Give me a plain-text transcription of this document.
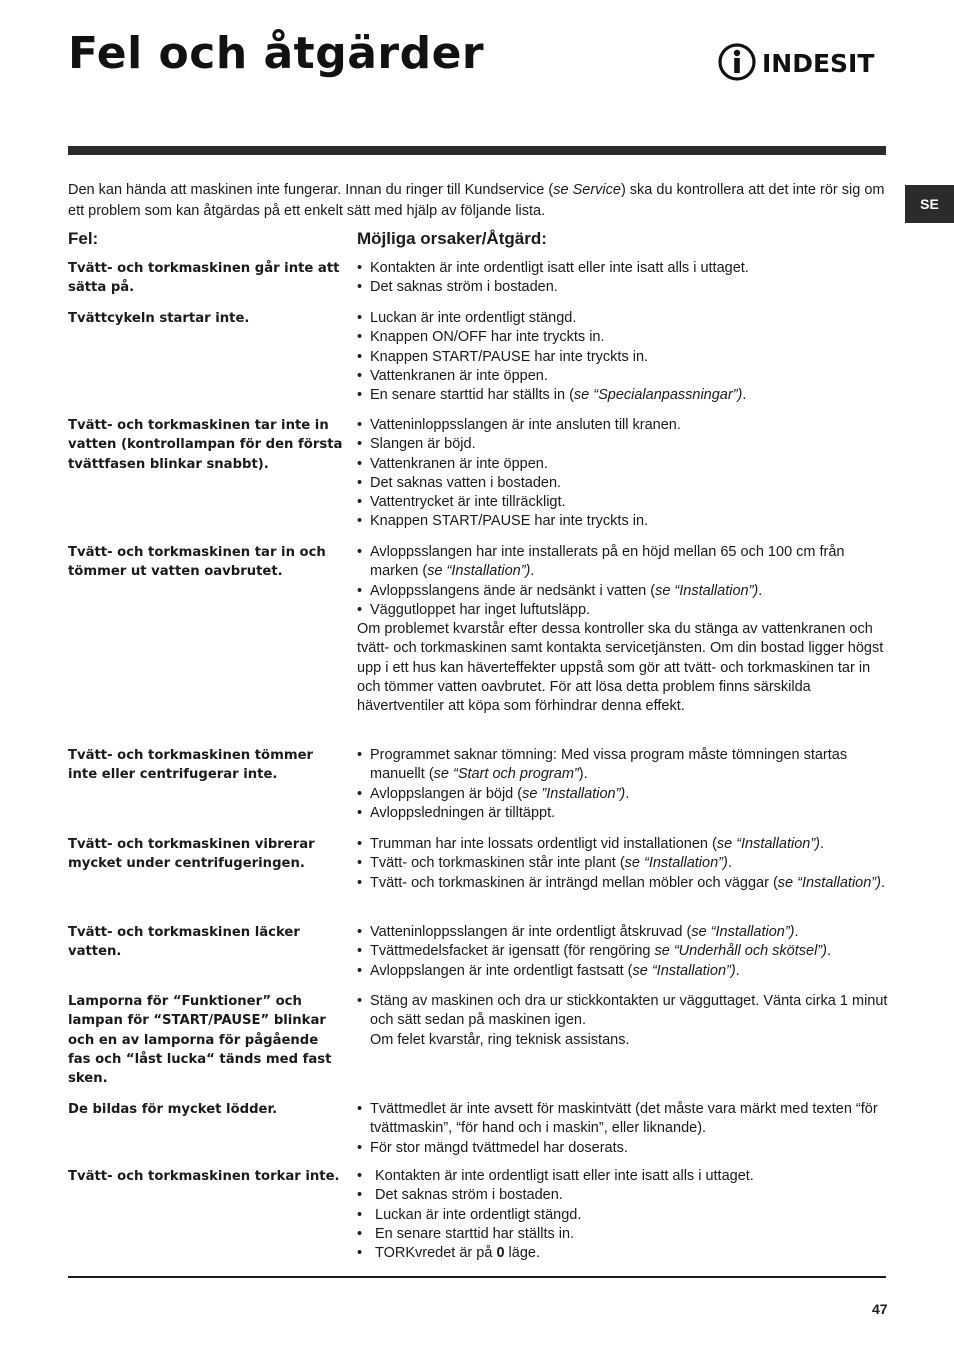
Fel och åtgärder	INDESIT
SE

Den kan hända att maskinen inte fungerar. Innan du ringer till Kundservice (se Service) ska du kontrollera att det inte rör sig om ett problem som kan åtgärdas på ett enkelt sätt med hjälp av följande lista.

Fel:	Möjliga orsaker/Åtgärd:

Tvätt- och torkmaskinen går inte att sätta på.

• Kontakten är inte ordentligt isatt eller inte isatt alls i uttaget.
• Det saknas ström i bostaden.

Tvättcykeln startar inte.	• Luckan är inte ordentligt stängd.
• Knappen ON/OFF har inte tryckts in.
• Knappen START/PAUSE har inte tryckts in.
• Vattenkranen är inte öppen.
• En senare starttid har ställts in (se “Specialanpassningar”).

Tvätt- och torkmaskinen tar inte in vatten (kontrollampan för den första tvättfasen blinkar snabbt).

• Vatteninloppsslangen är inte ansluten till kranen.
• Slangen är böjd.
• Vattenkranen är inte öppen.
• Det saknas vatten i bostaden.
• Vattentrycket är inte tillräckligt.
• Knappen START/PAUSE har inte tryckts in.

Tvätt- och torkmaskinen tar in och tömmer ut vatten oavbrutet.

• Avloppsslangen har inte installerats på en höjd mellan 65 och 100 cm från marken (se “Installation”).
• Avloppsslangens ände är nedsänkt i vatten (se “Installation”).
• Väggutloppet har inget luftutsläpp.

Om problemet kvarstår efter dessa kontroller ska du stänga av vattenkranen och tvätt- och torkmaskinen samt kontakta servicetjänsten. Om din bostad ligger högst upp i ett hus kan häverteffekter uppstå som gör att tvätt- och torkmaskinen tar in och tömmer vatten oavbrutet. För att lösa detta problem finns särskilda hävertventiler att köpa som förhindrar denna effekt.

Tvätt- och torkmaskinen tömmer inte eller centrifugerar inte.

• Programmet saknar tömning: Med vissa program måste tömningen startas manuellt (se “Start och program”).
• Avloppslangen är böjd (se ”Installation”).
• Avloppsledningen är tilltäppt.

Tvätt- och torkmaskinen vibrerar mycket under centrifugeringen.

• Trumman har inte lossats ordentligt vid installationen (se “Installation”).
• Tvätt- och torkmaskinen står inte plant (se “Installation”).
• Tvätt- och torkmaskinen är inträngd mellan möbler och väggar (se “Installation”).

Tvätt- och torkmaskinen läcker vatten.

• Vatteninloppsslangen är inte ordentligt åtskruvad (se “Installation”).
• Tvättmedelsfacket är igensatt (för rengöring se “Underhåll och skötsel”).
• Avloppslangen är inte ordentligt fastsatt (se “Installation”).

Lamporna för “Funktioner” och lampan för “START/PAUSE” blinkar och en av lamporna för pågående fas och “låst lucka“ tänds med fast sken.

• Stäng av maskinen och dra ur stickkontakten ur vägguttaget. Vänta cirka 1 minut och sätt sedan på maskinen igen.
Om felet kvarstår, ring teknisk assistans.

De bildas för mycket lödder.	• Tvättmedlet är inte avsett för maskintvätt (det måste vara märkt med texten “för tvättmaskin”, “för hand och i maskin”, eller liknande).
• För stor mängd tvättmedel har doserats.

Tvätt- och torkmaskinen torkar inte.	• Kontakten är inte ordentligt isatt eller inte isatt alls i uttaget.
• Det saknas ström i bostaden.
• Luckan är inte ordentligt stängd.
• En senare starttid har ställts in.
• TORKvredet är på 0 läge.
47
